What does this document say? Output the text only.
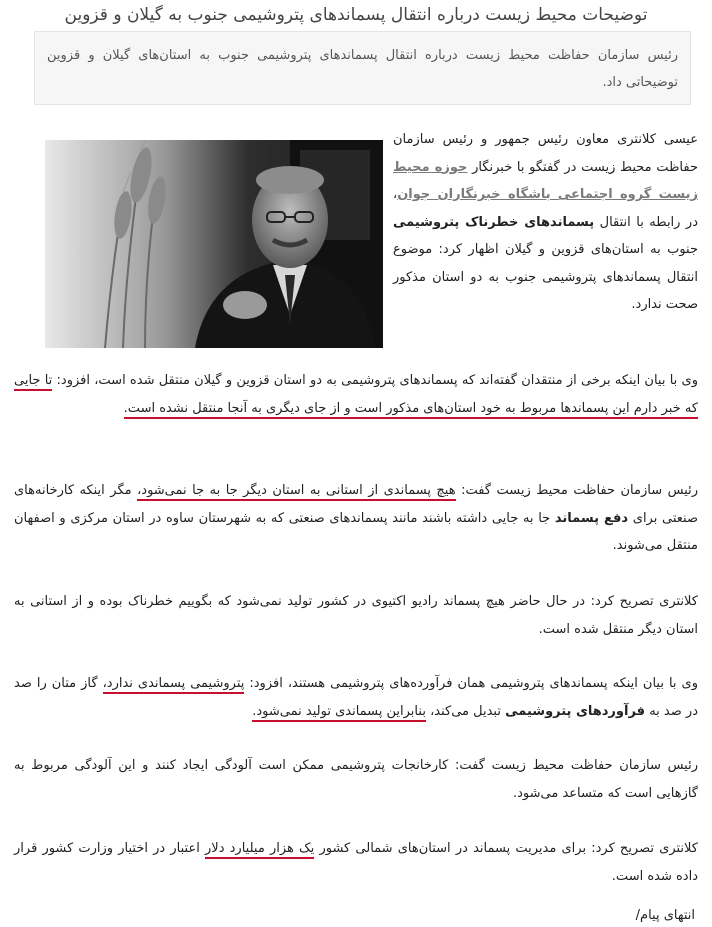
توضیحات محیط زیست درباره انتقال پسماندهای پتروشیمی جنوب به گیلان و قزوین
رئیس سازمان حفاظت محیط زیست درباره انتقال پسماندهای پتروشیمی جنوب به استان‌های گیلان و قزوین توضیحاتی داد.
عیسی کلانتری معاون رئیس جمهور و رئیس سازمان حفاظت محیط زیست در گفتگو با خبرنگار حوزه محیط زیست گروه اجتماعی باشگاه خبرنگاران جوان، در رابطه با انتقال پسماندهای خطرناک پتروشیمی جنوب به استان‌های قزوین و گیلان اظهار کرد: موضوع انتقال پسماندهای پتروشیمی جنوب به دو استان مذکور صحت ندارد.
وی با بیان اینکه برخی از منتقدان گفته‌اند که پسماندهای پتروشیمی به دو استان قزوین و گیلان منتقل شده است، افزود: تا جایی که خبر دارم این پسماندها مربوط به خود استان‌های مذکور است و از جای دیگری به آنجا منتقل نشده است.
رئیس سازمان حفاظت محیط زیست گفت: هیچ پسماندی از استانی به استان دیگر جا به جا نمی‌شود، مگر اینکه کارخانه‌های صنعتی برای دفع پسماند جا به جایی داشته باشند مانند پسماندهای صنعتی که به شهرستان ساوه در استان مرکزی و اصفهان منتقل می‌شوند.
کلانتری تصریح کرد: در حال حاضر هیچ پسماند رادیو اکتیوی در کشور تولید نمی‌شود که بگوییم خطرناک بوده و از استانی به استان دیگر منتقل شده است.
وی با بیان اینکه پسماندهای پتروشیمی همان فرآورده‌های پتروشیمی هستند، افزود: پتروشیمی پسماندی ندارد، گاز متان را صد در صد به فرآوردهای پتروشیمی تبدیل می‌کند، بنابراین پسماندی تولید نمی‌شود.
رئیس سازمان حفاظت محیط زیست گفت: کارخانجات پتروشیمی ممکن است آلودگی ایجاد کنند و این آلودگی مربوط به گازهایی است که متساعد می‌شود.
کلانتری تصریح کرد: برای مدیریت پسماند در استان‌های شمالی کشور یک هزار میلیارد دلار اعتبار در اختیار وزارت کشور قرار داده شده است.
انتهای پیام/
